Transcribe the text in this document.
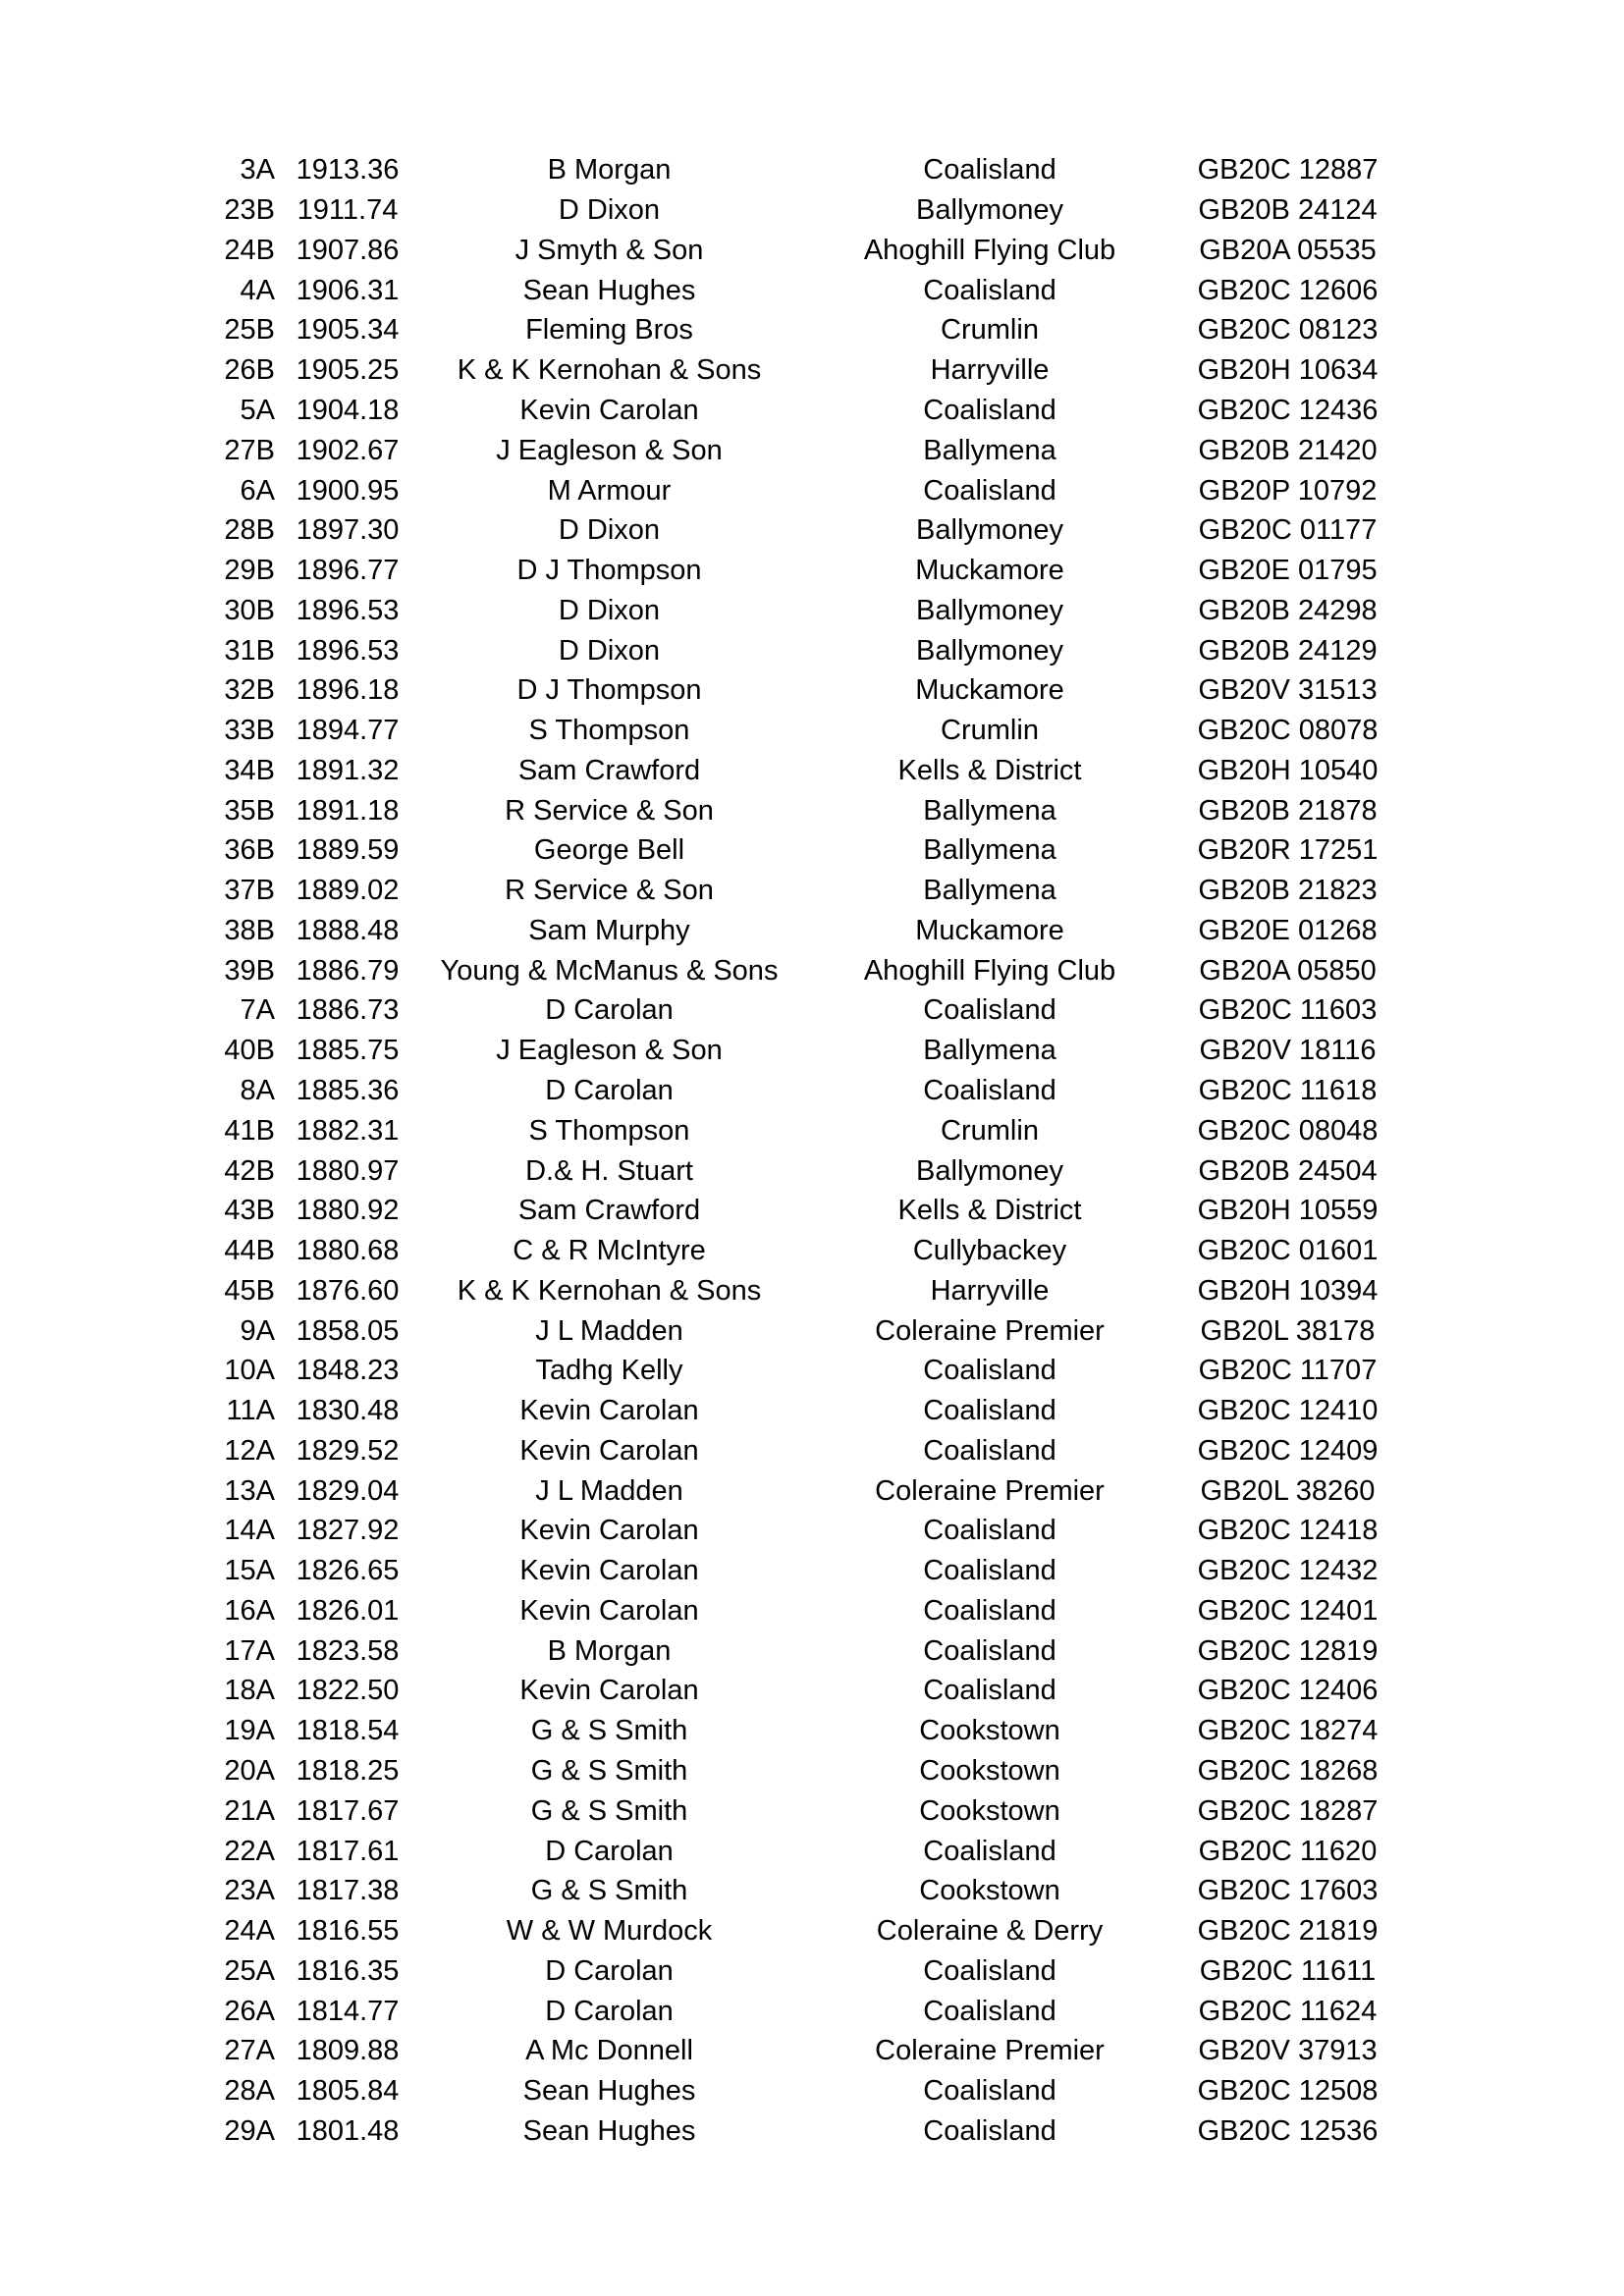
3A	1913.36	B Morgan	Coalisland	GB20C 12887
23B	1911.74	D Dixon	Ballymoney	GB20B 24124
24B	1907.86	J Smyth & Son	Ahoghill Flying Club	GB20A 05535
4A	1906.31	Sean Hughes	Coalisland	GB20C 12606
25B	1905.34	Fleming Bros	Crumlin	GB20C 08123
26B	1905.25	K & K Kernohan & Sons	Harryville	GB20H 10634
5A	1904.18	Kevin Carolan	Coalisland	GB20C 12436
27B	1902.67	J Eagleson & Son	Ballymena	GB20B 21420
6A	1900.95	M Armour	Coalisland	GB20P 10792
28B	1897.30	D Dixon	Ballymoney	GB20C 01177
29B	1896.77	D J Thompson	Muckamore	GB20E 01795
30B	1896.53	D Dixon	Ballymoney	GB20B 24298
31B	1896.53	D Dixon	Ballymoney	GB20B 24129
32B	1896.18	D J Thompson	Muckamore	GB20V 31513
33B	1894.77	S Thompson	Crumlin	GB20C 08078
34B	1891.32	Sam Crawford	Kells & District	GB20H 10540
35B	1891.18	R Service & Son	Ballymena	GB20B 21878
36B	1889.59	George Bell	Ballymena	GB20R 17251
37B	1889.02	R Service & Son	Ballymena	GB20B 21823
38B	1888.48	Sam Murphy	Muckamore	GB20E 01268
39B	1886.79	Young & McManus & Sons	Ahoghill Flying Club	GB20A 05850
7A	1886.73	D Carolan	Coalisland	GB20C 11603
40B	1885.75	J Eagleson & Son	Ballymena	GB20V 18116
8A	1885.36	D Carolan	Coalisland	GB20C 11618
41B	1882.31	S Thompson	Crumlin	GB20C 08048
42B	1880.97	D.& H. Stuart	Ballymoney	GB20B 24504
43B	1880.92	Sam Crawford	Kells & District	GB20H 10559
44B	1880.68	C & R McIntyre	Cullybackey	GB20C 01601
45B	1876.60	K & K Kernohan & Sons	Harryville	GB20H 10394
9A	1858.05	J L Madden	Coleraine Premier	GB20L 38178
10A	1848.23	Tadhg Kelly	Coalisland	GB20C 11707
11A	1830.48	Kevin Carolan	Coalisland	GB20C 12410
12A	1829.52	Kevin Carolan	Coalisland	GB20C 12409
13A	1829.04	J L Madden	Coleraine Premier	GB20L 38260
14A	1827.92	Kevin Carolan	Coalisland	GB20C 12418
15A	1826.65	Kevin Carolan	Coalisland	GB20C 12432
16A	1826.01	Kevin Carolan	Coalisland	GB20C 12401
17A	1823.58	B Morgan	Coalisland	GB20C 12819
18A	1822.50	Kevin Carolan	Coalisland	GB20C 12406
19A	1818.54	G & S Smith	Cookstown	GB20C 18274
20A	1818.25	G & S Smith	Cookstown	GB20C 18268
21A	1817.67	G & S Smith	Cookstown	GB20C 18287
22A	1817.61	D Carolan	Coalisland	GB20C 11620
23A	1817.38	G & S Smith	Cookstown	GB20C 17603
24A	1816.55	W & W Murdock	Coleraine & Derry	GB20C 21819
25A	1816.35	D Carolan	Coalisland	GB20C 11611
26A	1814.77	D Carolan	Coalisland	GB20C 11624
27A	1809.88	A Mc Donnell	Coleraine Premier	GB20V 37913
28A	1805.84	Sean Hughes	Coalisland	GB20C 12508
29A	1801.48	Sean Hughes	Coalisland	GB20C 12536
